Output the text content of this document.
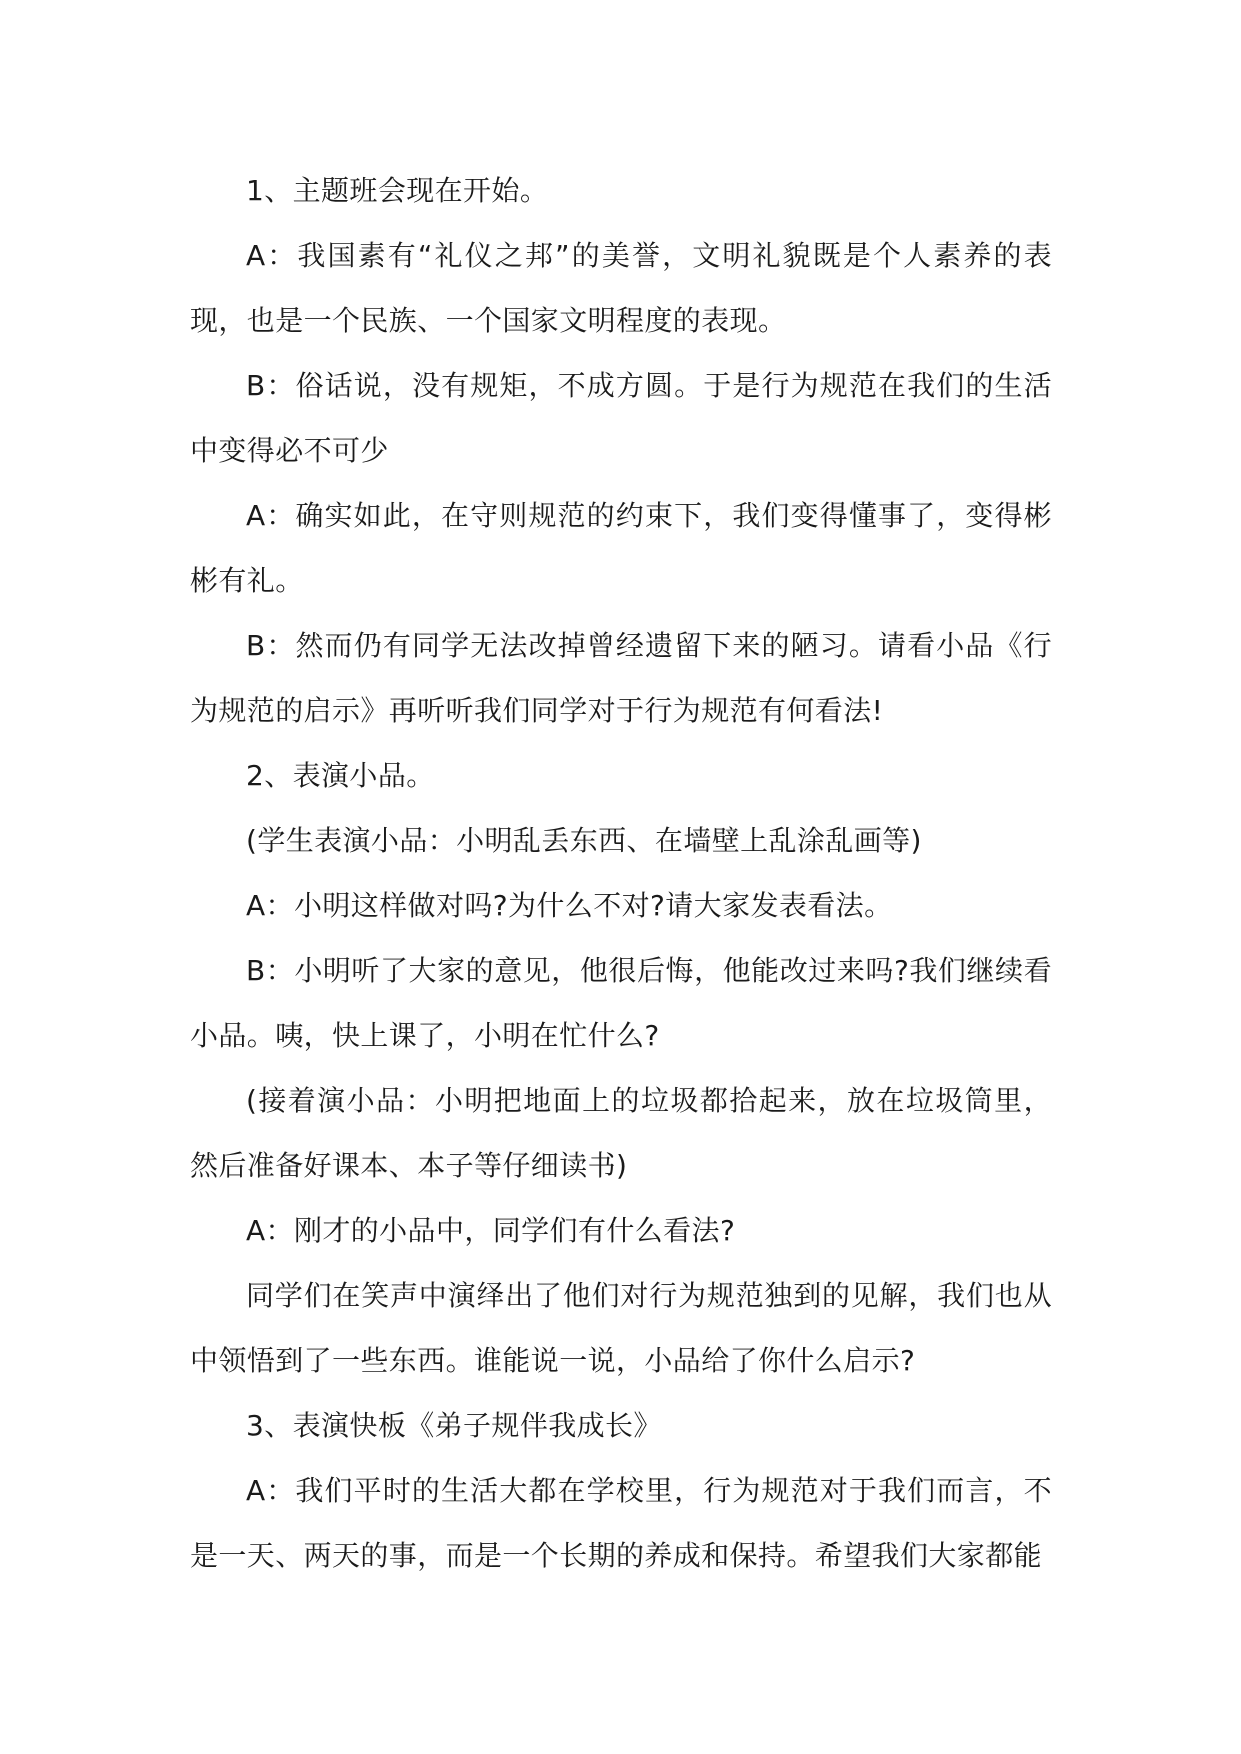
1、主题班会现在开始。

A：我国素有“礼仪之邦”的美誉，文明礼貌既是个人素养的表现，也是一个民族、一个国家文明程度的表现。

B：俗话说，没有规矩，不成方圆。于是行为规范在我们的生活中变得必不可少

A：确实如此，在守则规范的约束下，我们变得懂事了，变得彬彬有礼。

B：然而仍有同学无法改掉曾经遗留下来的陋习。请看小品《行为规范的启示》再听听我们同学对于行为规范有何看法!

2、表演小品。

(学生表演小品：小明乱丢东西、在墙壁上乱涂乱画等)

A：小明这样做对吗?为什么不对?请大家发表看法。

B：小明听了大家的意见，他很后悔，他能改过来吗?我们继续看小品。咦，快上课了，小明在忙什么?

(接着演小品：小明把地面上的垃圾都拾起来，放在垃圾筒里，然后准备好课本、本子等仔细读书)

A：刚才的小品中，同学们有什么看法?

同学们在笑声中演绎出了他们对行为规范独到的见解，我们也从中领悟到了一些东西。谁能说一说，小品给了你什么启示?

3、表演快板《弟子规伴我成长》

A：我们平时的生活大都在学校里，行为规范对于我们而言，不是一天、两天的事，而是一个长期的养成和保持。希望我们大家都能
